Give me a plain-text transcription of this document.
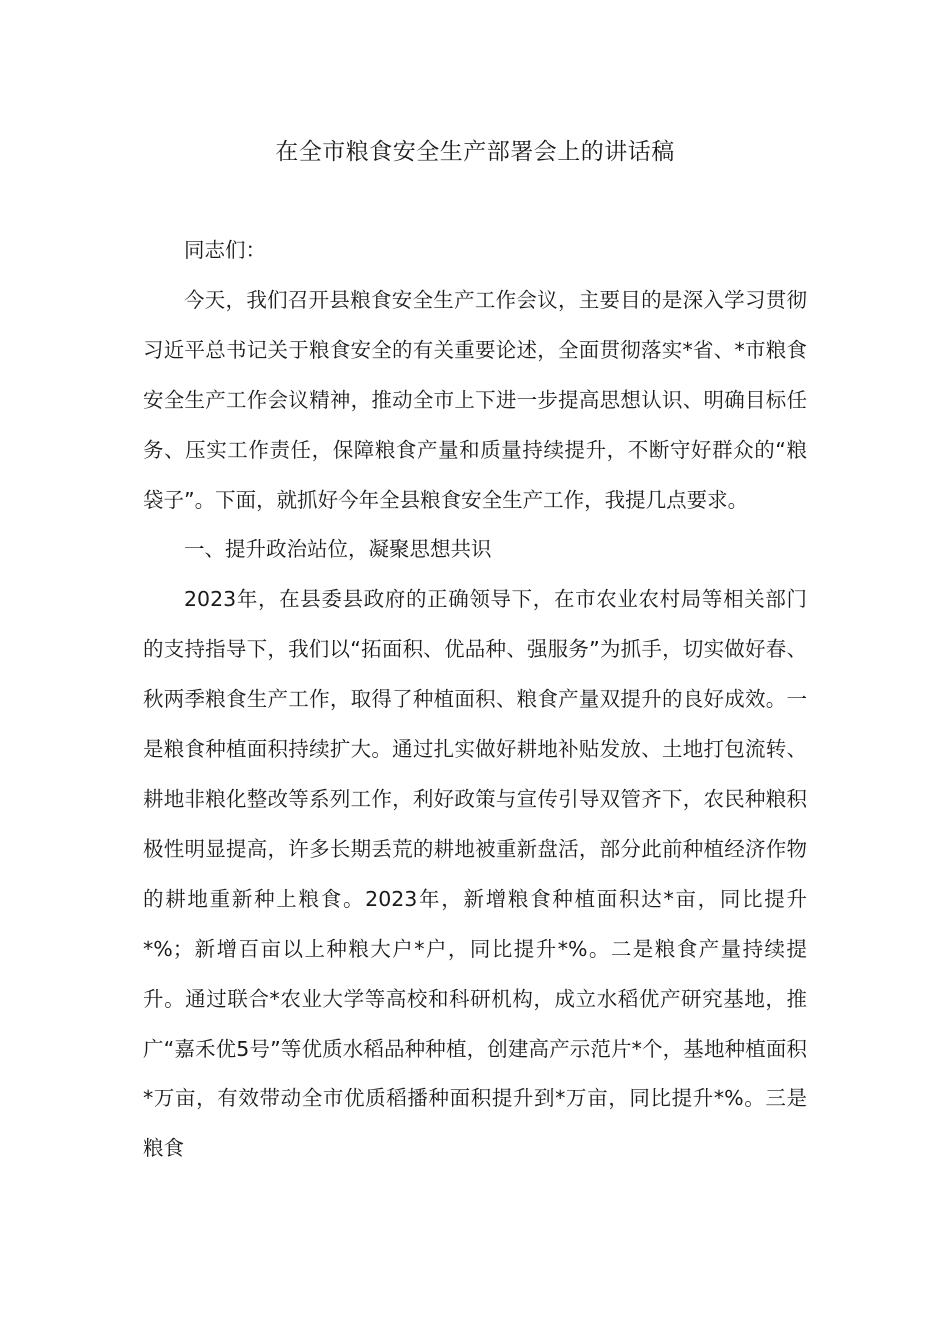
在全市粮食安全生产部署会上的讲话稿

同志们：

今天，我们召开县粮食安全生产工作会议，主要目的是深入学习贯彻习近平总书记关于粮食安全的有关重要论述，全面贯彻落实*省、*市粮食安全生产工作会议精神，推动全市上下进一步提高思想认识、明确目标任务、压实工作责任，保障粮食产量和质量持续提升，不断守好群众的“粮袋子”。下面，就抓好今年全县粮食安全生产工作，我提几点要求。

一、提升政治站位，凝聚思想共识

2023年，在县委县政府的正确领导下，在市农业农村局等相关部门的支持指导下，我们以“拓面积、优品种、强服务”为抓手，切实做好春、秋两季粮食生产工作，取得了种植面积、粮食产量双提升的良好成效。一是粮食种植面积持续扩大。通过扎实做好耕地补贴发放、土地打包流转、耕地非粮化整改等系列工作，利好政策与宣传引导双管齐下，农民种粮积极性明显提高，许多长期丢荒的耕地被重新盘活，部分此前种植经济作物的耕地重新种上粮食。2023年，新增粮食种植面积达*亩，同比提升*%；新增百亩以上种粮大户*户，同比提升*%。二是粮食产量持续提升。通过联合*农业大学等高校和科研机构，成立水稻优产研究基地，推广“嘉禾优5号”等优质水稻品种种植，创建高产示范片*个，基地种植面积*万亩，有效带动全市优质稻播种面积提升到*万亩，同比提升*%。三是粮食
